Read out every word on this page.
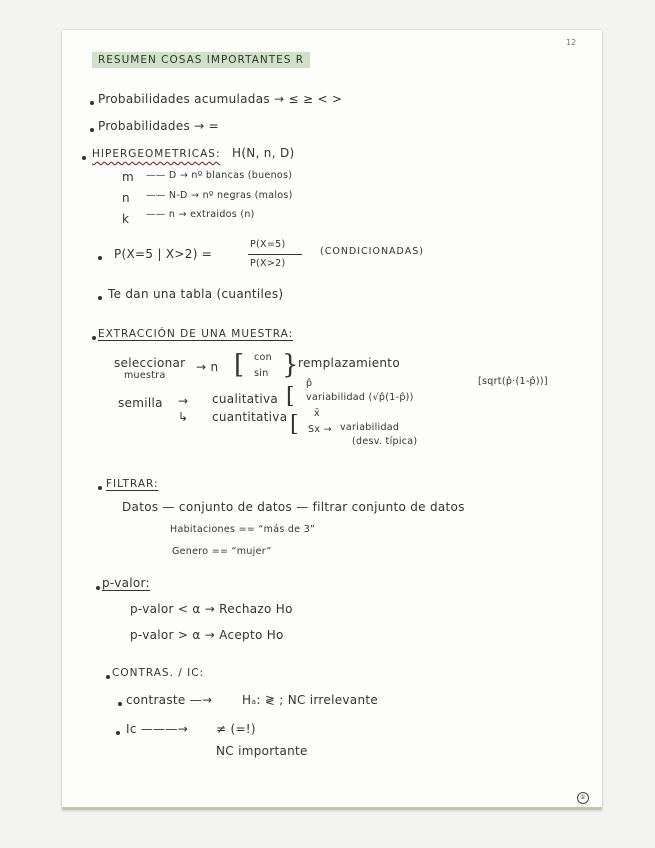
12
RESUMEN COSAS IMPORTANTES R
Probabilidades acumuladas → ≤ ≥ < >
Probabilidades → =
HIPERGEOMETRICAS: H(N, n, D)
m —— D → nº blancas (buenos)
n —— N-D → nº negras (malos)
k —— n → extraidos (n)
P(X=5 | X>2) =
P(X=5)
P(X>2)
(CONDICIONADAS)
Te dan una tabla (cuantiles)
EXTRACCIÓN DE UNA MUESTRA:
seleccionar
muestra
→ n [ con
sin } remplazamiento
semilla →
↳
cualitativa
cuantitativa
[
p̂
variabilidad (√p̂(1-p̂))
[sqrt(p̂·(1-p̂))]
[ x̄
Sx → variabilidad
(desv. típica)
FILTRAR:
Datos — conjunto de datos — filtrar conjunto de datos
Habitaciones == “más de 3”
Genero == “mujer”
p-valor:
p-valor < α → Rechazo Ho
p-valor > α → Acepto Ho
CONTRAS. / IC:
contraste —→ Hₐ: ≷ ; NC irrelevante
Ic ———→ ≠ (=!)
NC importante
①
